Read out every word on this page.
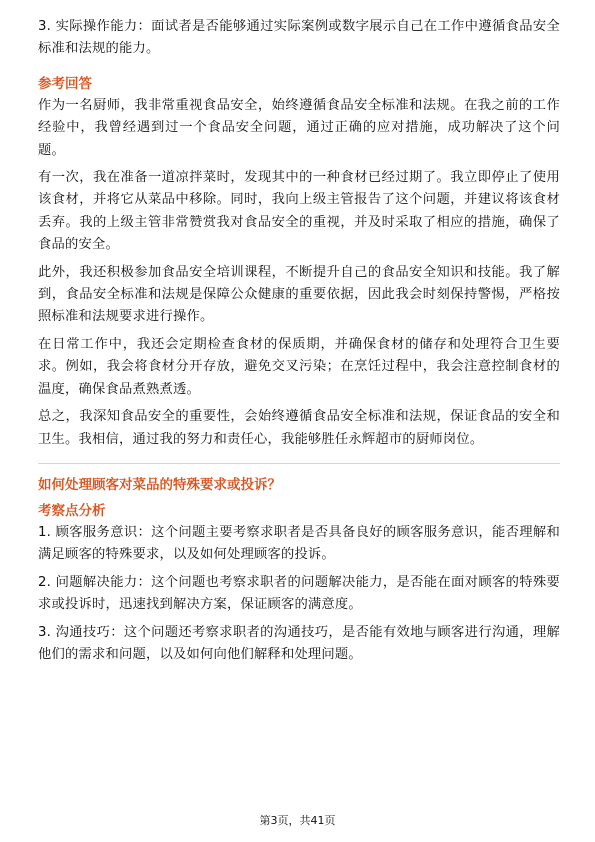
3. 实际操作能力：面试者是否能够通过实际案例或数字展示自己在工作中遵循食品安全标准和法规的能力。

参考回答

作为一名厨师，我非常重视食品安全，始终遵循食品安全标准和法规。在我之前的工作经验中，我曾经遇到过一个食品安全问题，通过正确的应对措施，成功解决了这个问题。

有一次，我在准备一道凉拌菜时，发现其中的一种食材已经过期了。我立即停止了使用该食材，并将它从菜品中移除。同时，我向上级主管报告了这个问题，并建议将该食材丢弃。我的上级主管非常赞赏我对食品安全的重视，并及时采取了相应的措施，确保了食品的安全。

此外，我还积极参加食品安全培训课程，不断提升自己的食品安全知识和技能。我了解到，食品安全标准和法规是保障公众健康的重要依据，因此我会时刻保持警惕，严格按照标准和法规要求进行操作。

在日常工作中，我还会定期检查食材的保质期，并确保食材的储存和处理符合卫生要求。例如，我会将食材分开存放，避免交叉污染；在烹饪过程中，我会注意控制食材的温度，确保食品煮熟煮透。

总之，我深知食品安全的重要性，会始终遵循食品安全标准和法规，保证食品的安全和卫生。我相信，通过我的努力和责任心，我能够胜任永辉超市的厨师岗位。

如何处理顾客对菜品的特殊要求或投诉？
考察点分析

1. 顾客服务意识：这个问题主要考察求职者是否具备良好的顾客服务意识，能否理解和满足顾客的特殊要求，以及如何处理顾客的投诉。

2. 问题解决能力：这个问题也考察求职者的问题解决能力，是否能在面对顾客的特殊要求或投诉时，迅速找到解决方案，保证顾客的满意度。

3. 沟通技巧：这个问题还考察求职者的沟通技巧，是否能有效地与顾客进行沟通，理解他们的需求和问题，以及如何向他们解释和处理问题。

第3页，共41页
